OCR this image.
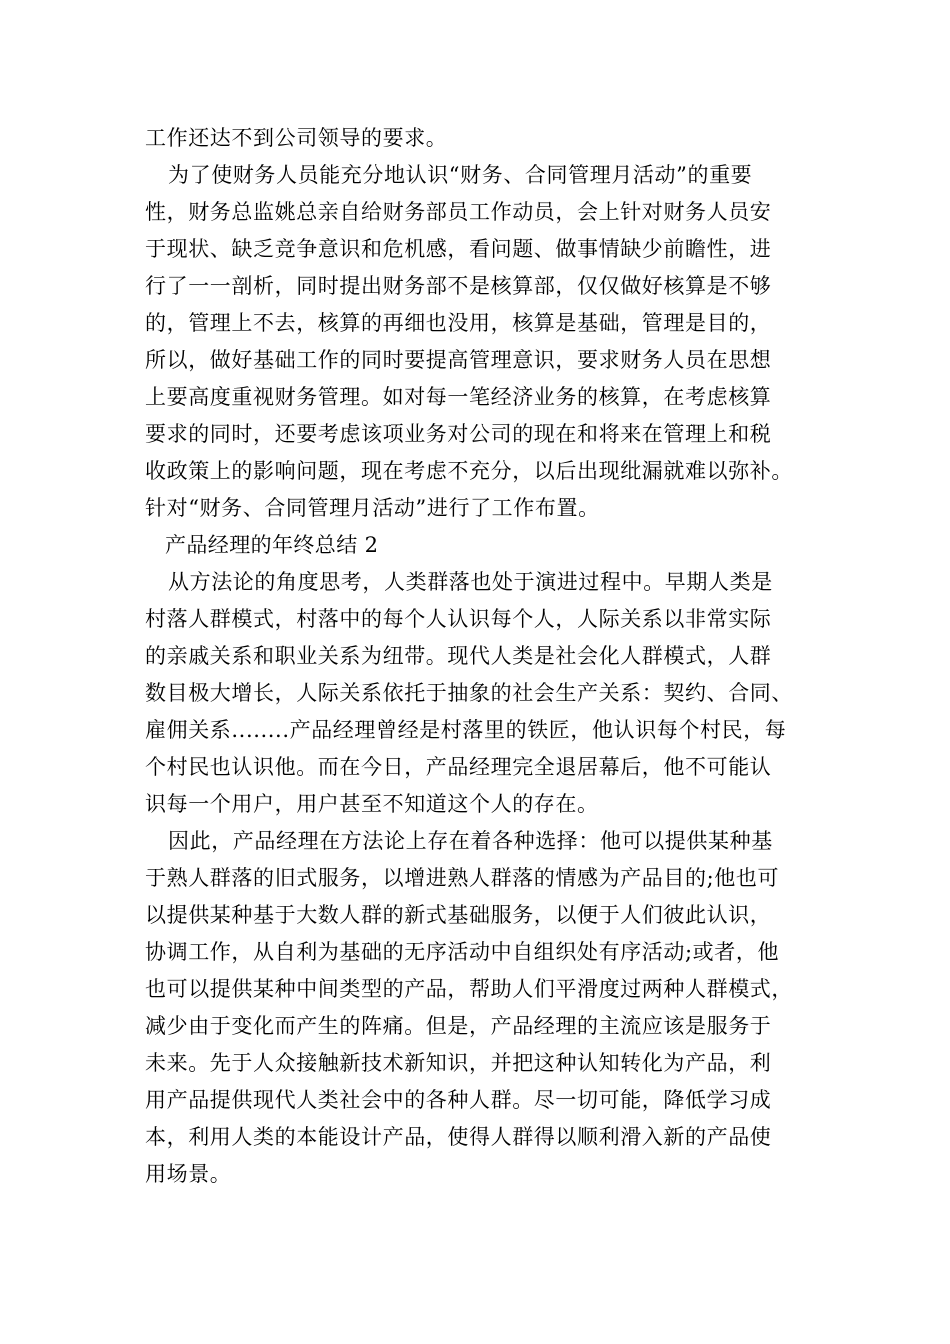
工作还达不到公司领导的要求。
为了使财务人员能充分地认识“财务、合同管理月活动”的重要
性，财务总监姚总亲自给财务部员工作动员，会上针对财务人员安
于现状、缺乏竞争意识和危机感，看问题、做事情缺少前瞻性，进
行了一一剖析，同时提出财务部不是核算部，仅仅做好核算是不够
的，管理上不去，核算的再细也没用，核算是基础，管理是目的，
所以，做好基础工作的同时要提高管理意识，要求财务人员在思想
上要高度重视财务管理。如对每一笔经济业务的核算，在考虑核算
要求的同时，还要考虑该项业务对公司的现在和将来在管理上和税
收政策上的影响问题，现在考虑不充分，以后出现纰漏就难以弥补。
针对“财务、合同管理月活动”进行了工作布置。
产品经理的年终总结 2
从方法论的角度思考，人类群落也处于演进过程中。早期人类是
村落人群模式，村落中的每个人认识每个人，人际关系以非常实际
的亲戚关系和职业关系为纽带。现代人类是社会化人群模式，人群
数目极大增长，人际关系依托于抽象的社会生产关系：契约、合同、
雇佣关系........产品经理曾经是村落里的铁匠，他认识每个村民，每
个村民也认识他。而在今日，产品经理完全退居幕后，他不可能认
识每一个用户，用户甚至不知道这个人的存在。
因此，产品经理在方法论上存在着各种选择：他可以提供某种基
于熟人群落的旧式服务，以增进熟人群落的情感为产品目的;他也可
以提供某种基于大数人群的新式基础服务，以便于人们彼此认识，
协调工作，从自利为基础的无序活动中自组织处有序活动;或者，他
也可以提供某种中间类型的产品，帮助人们平滑度过两种人群模式，
减少由于变化而产生的阵痛。但是，产品经理的主流应该是服务于
未来。先于人众接触新技术新知识，并把这种认知转化为产品，利
用产品提供现代人类社会中的各种人群。尽一切可能，降低学习成
本，利用人类的本能设计产品，使得人群得以顺利滑入新的产品使
用场景。
